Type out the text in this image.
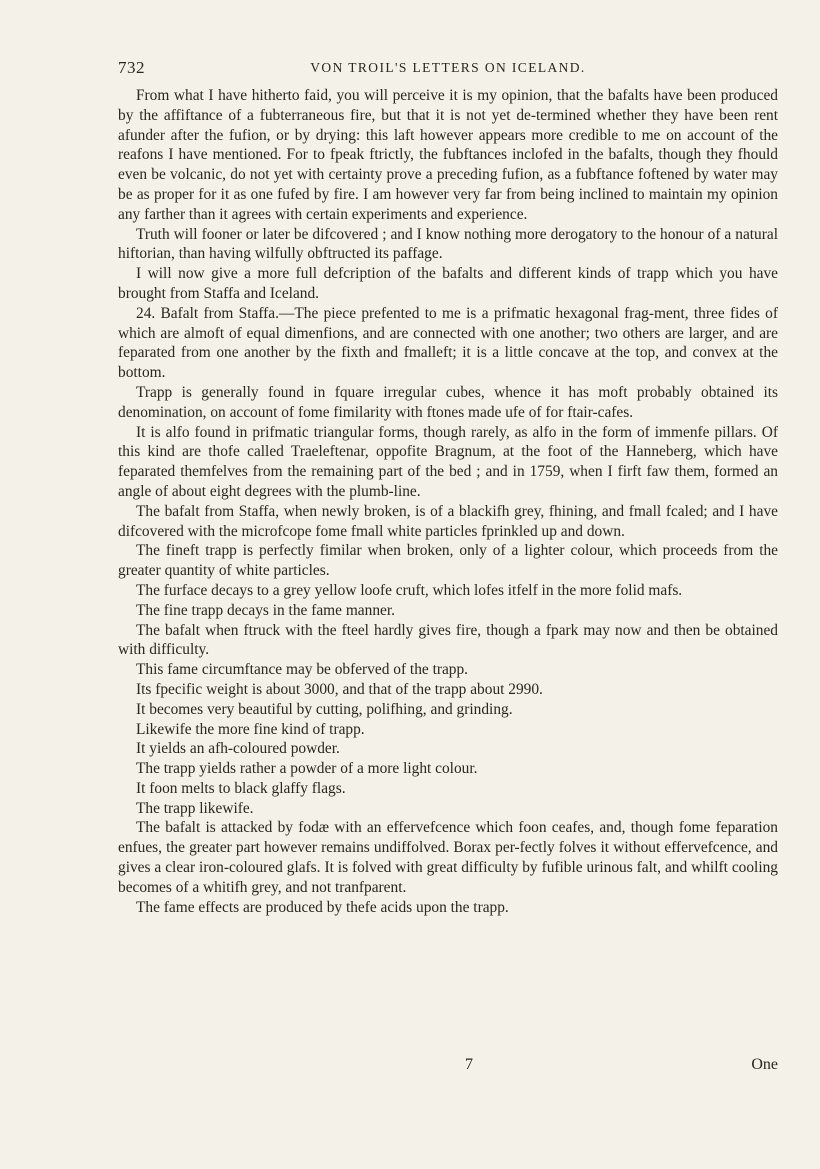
732	VON TROIL'S LETTERS ON ICELAND.

From what I have hitherto faid, you will perceive it is my opinion, that the bafalts have been produced by the affiftance of a fubterraneous fire, but that it is not yet de-termined whether they have been rent afunder after the fufion, or by drying: this laft however appears more credible to me on account of the reafons I have mentioned. For to fpeak ftrictly, the fubftances inclofed in the bafalts, though they fhould even be volcanic, do not yet with certainty prove a preceding fufion, as a fubftance foftened by water may be as proper for it as one fufed by fire. I am however very far from being inclined to maintain my opinion any farther than it agrees with certain experiments and experience.

Truth will fooner or later be difcovered ; and I know nothing more derogatory to the honour of a natural hiftorian, than having wilfully obftructed its paffage.

I will now give a more full defcription of the bafalts and different kinds of trapp which you have brought from Staffa and Iceland.

24. Bafalt from Staffa.—The piece prefented to me is a prifmatic hexagonal frag-ment, three fides of which are almoft of equal dimenfions, and are connected with one another; two others are larger, and are feparated from one another by the fixth and fmalleft; it is a little concave at the top, and convex at the bottom.

Trapp is generally found in fquare irregular cubes, whence it has moft probably obtained its denomination, on account of fome fimilarity with ftones made ufe of for ftair-cafes.

It is alfo found in prifmatic triangular forms, though rarely, as alfo in the form of immenfe pillars. Of this kind are thofe called Traeleftenar, oppofite Bragnum, at the foot of the Hanneberg, which have feparated themfelves from the remaining part of the bed ; and in 1759, when I firft faw them, formed an angle of about eight degrees with the plumb-line.

The bafalt from Staffa, when newly broken, is of a blackifh grey, fhining, and fmall fcaled; and I have difcovered with the microfcope fome fmall white particles fprinkled up and down.

The fineft trapp is perfectly fimilar when broken, only of a lighter colour, which proceeds from the greater quantity of white particles.

The furface decays to a grey yellow loofe cruft, which lofes itfelf in the more folid mafs.

The fine trapp decays in the fame manner.

The bafalt when ftruck with the fteel hardly gives fire, though a fpark may now and then be obtained with difficulty.

This fame circumftance may be obferved of the trapp.

Its fpecific weight is about 3000, and that of the trapp about 2990.

It becomes very beautiful by cutting, polifhing, and grinding.

Likewife the more fine kind of trapp.

It yields an afh-coloured powder.

The trapp yields rather a powder of a more light colour.

It foon melts to black glaffy flags.

The trapp likewife.

The bafalt is attacked by fodæ with an effervefcence which foon ceafes, and, though fome feparation enfues, the greater part however remains undiffolved. Borax per-fectly folves it without effervefcence, and gives a clear iron-coloured glafs. It is folved with great difficulty by fufible urinous falt, and whilft cooling becomes of a whitifh grey, and not tranfparent.

The fame effects are produced by thefe acids upon the trapp.

7	One
